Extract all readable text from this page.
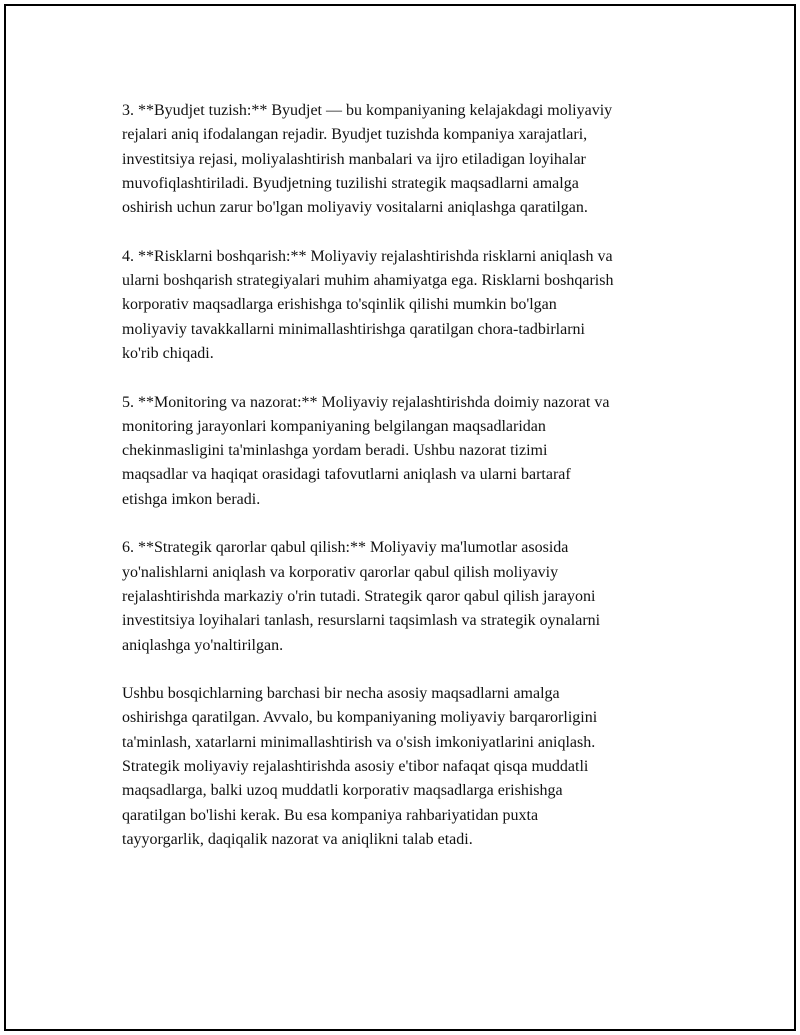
3. **Byudjet tuzish:** Byudjet — bu kompaniyaning kelajakdagi moliyaviy
rejalari aniq ifodalangan rejadir. Byudjet tuzishda kompaniya xarajatlari,
investitsiya rejasi, moliyalashtirish manbalari va ijro etiladigan loyihalar
muvofiqlashtiriladi. Byudjetning tuzilishi strategik maqsadlarni amalga
oshirish uchun zarur bo'lgan moliyaviy vositalarni aniqlashga qaratilgan.

4. **Risklarni boshqarish:** Moliyaviy rejalashtirishda risklarni aniqlash va
ularni boshqarish strategiyalari muhim ahamiyatga ega. Risklarni boshqarish
korporativ maqsadlarga erishishga to'sqinlik qilishi mumkin bo'lgan
moliyaviy tavakkallarni minimallashtirishga qaratilgan chora-tadbirlarni
ko'rib chiqadi.

5. **Monitoring va nazorat:** Moliyaviy rejalashtirishda doimiy nazorat va
monitoring jarayonlari kompaniyaning belgilangan maqsadlaridan
chekinmasligini ta'minlashga yordam beradi. Ushbu nazorat tizimi
maqsadlar va haqiqat orasidagi tafovutlarni aniqlash va ularni bartaraf
etishga imkon beradi.

6. **Strategik qarorlar qabul qilish:** Moliyaviy ma'lumotlar asosida
yo'nalishlarni aniqlash va korporativ qarorlar qabul qilish moliyaviy
rejalashtirishda markaziy o'rin tutadi. Strategik qaror qabul qilish jarayoni
investitsiya loyihalari tanlash, resurslarni taqsimlash va strategik oynalarni
aniqlashga yo'naltirilgan.

Ushbu bosqichlarning barchasi bir necha asosiy maqsadlarni amalga
oshirishga qaratilgan. Avvalo, bu kompaniyaning moliyaviy barqarorligini
ta'minlash, xatarlarni minimallashtirish va o'sish imkoniyatlarini aniqlash.
Strategik moliyaviy rejalashtirishda asosiy e'tibor nafaqat qisqa muddatli
maqsadlarga, balki uzoq muddatli korporativ maqsadlarga erishishga
qaratilgan bo'lishi kerak. Bu esa kompaniya rahbariyatidan puxta
tayyorgarlik, daqiqalik nazorat va aniqlikni talab etadi.
